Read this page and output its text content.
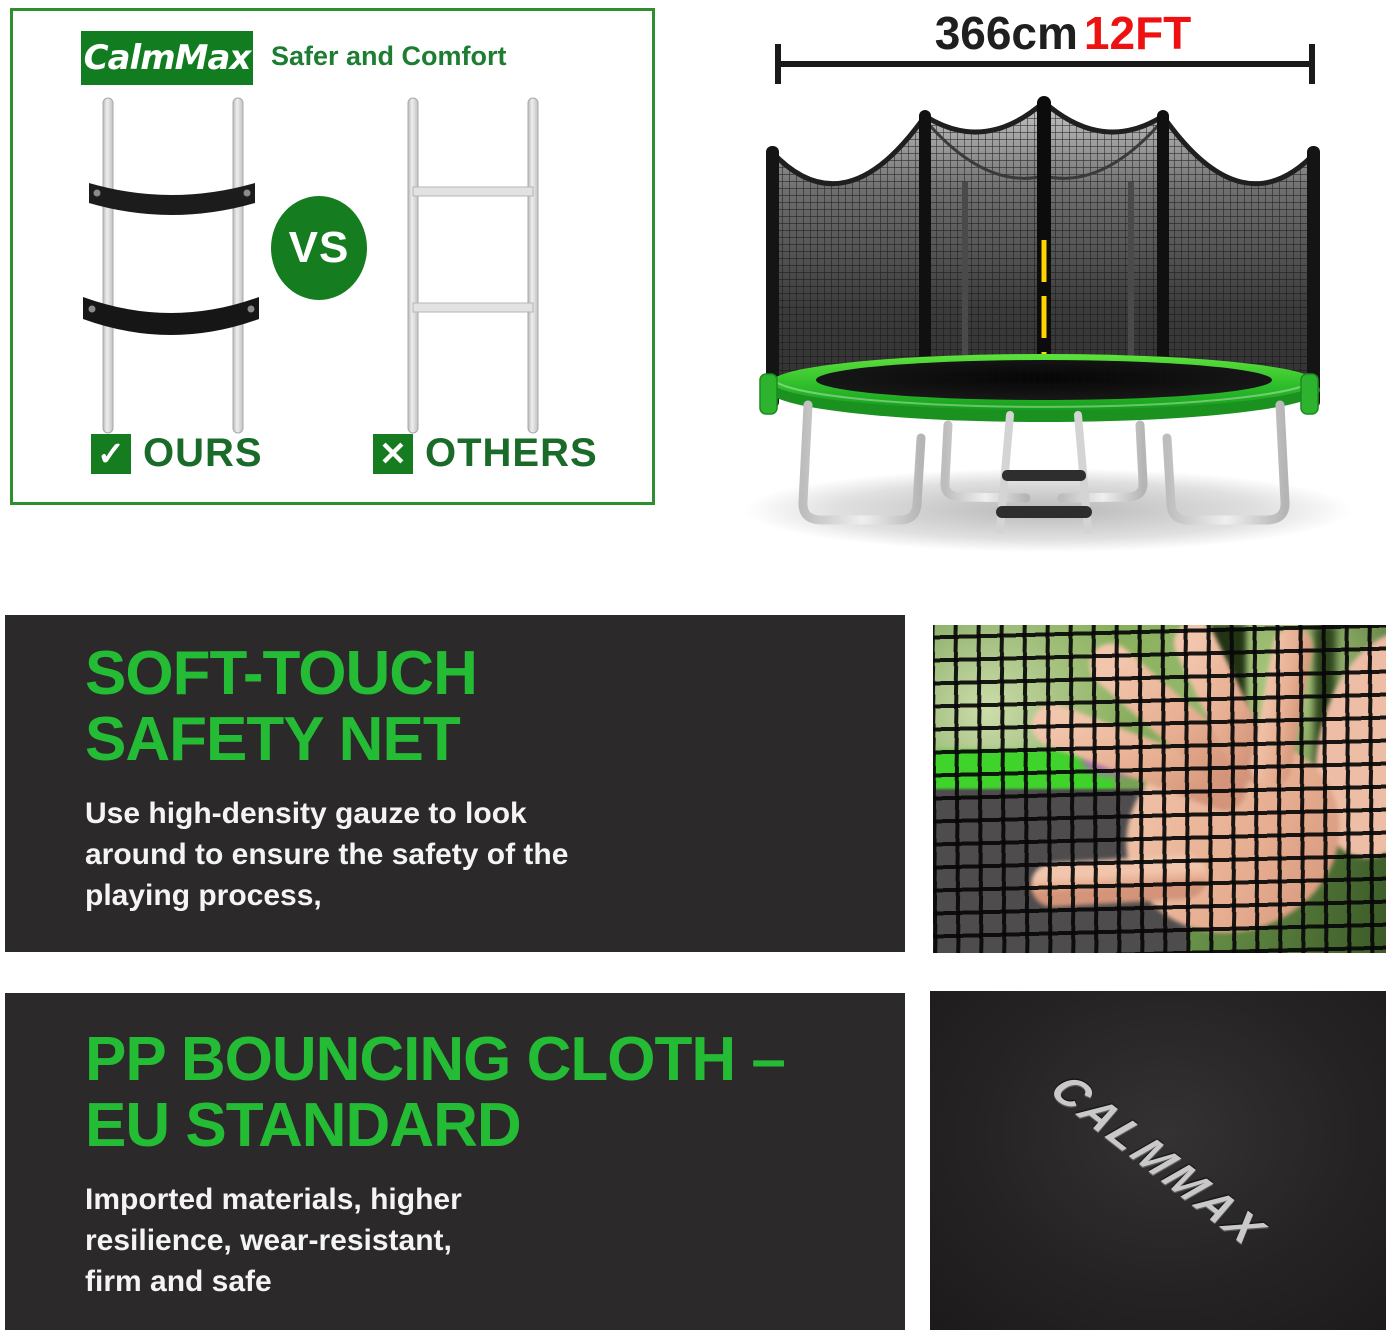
CalmMax Safer and Comfort
VS
✓ OURS	✕ OTHERS
366cm 12FT
SOFT-TOUCH
SAFETY NET
Use high-density gauze to look
around to ensure the safety of the
playing process,
PP BOUNCING CLOTH –
EU STANDARD
Imported materials, higher
resilience, wear-resistant,
firm and safe
CALMMAX
